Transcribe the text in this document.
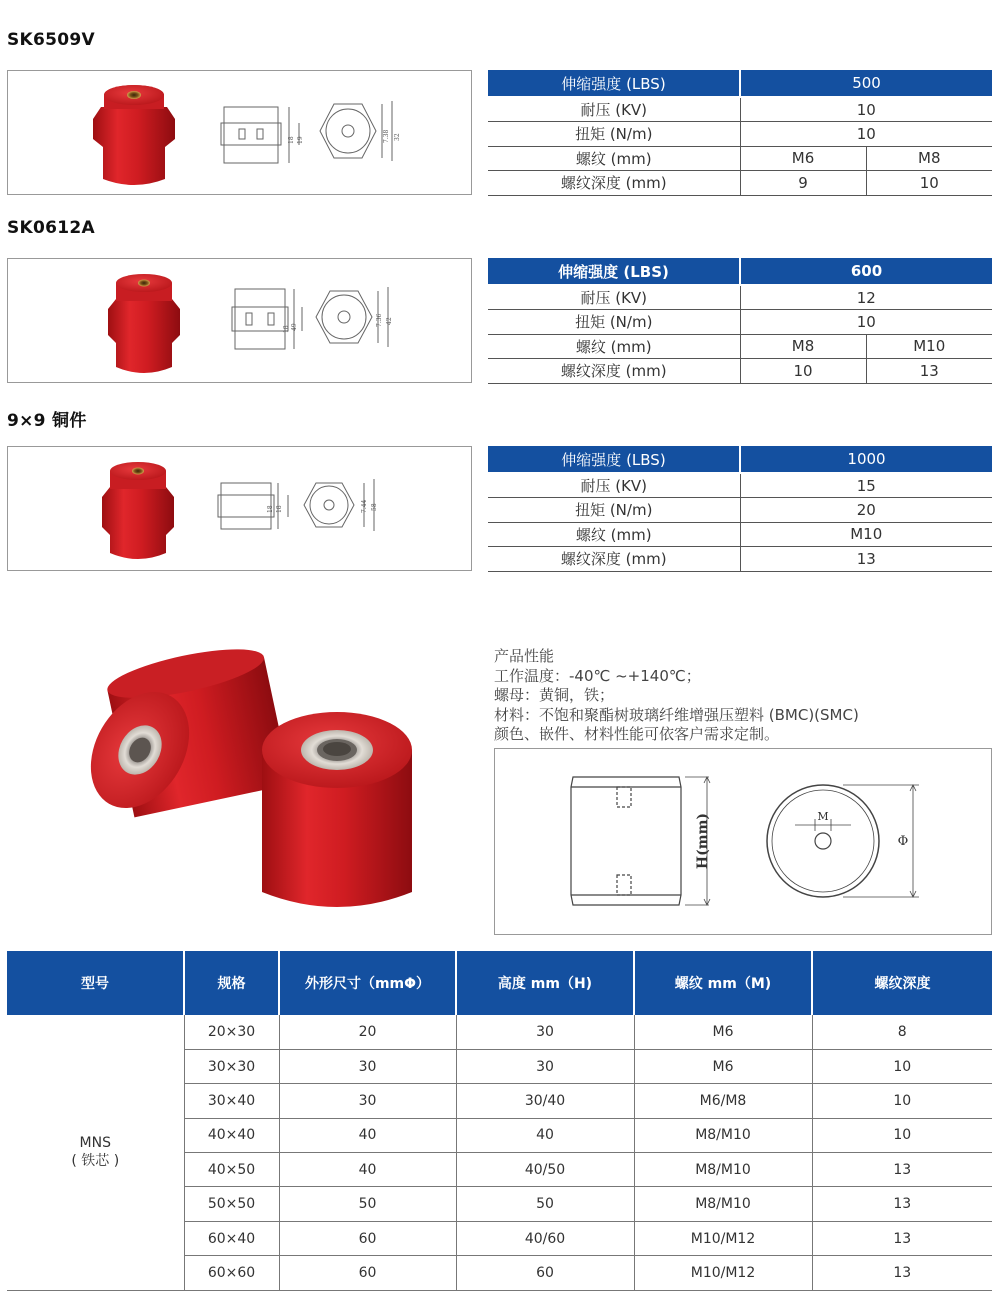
SK6509V
18 19	7.38 32
伸缩强度 (LBS)	500	
耐压 (KV)	10	
扭矩 (N/m)	10	
螺纹 (mm)	M6	M8
螺纹深度 (mm)	9	10
SK0612A
18 49
7.36 42
伸缩强度 (LBS)	600	
耐压 (KV)	12	
扭矩 (N/m)	10	
螺纹 (mm)	M8	M10
螺纹深度 (mm)	10	13
9×9 铜件
18 18	7.44 58
伸缩强度 (LBS)	1000
耐压 (KV)	15
扭矩 (N/m)	20
螺纹 (mm)	M10
螺纹深度 (mm)	13
产品性能
工作温度：-40℃ ~+140℃；
螺母：黄铜，铁；
材料：不饱和聚酯树玻璃纤维增强压塑料 (BMC)(SMC)
颜色、嵌件、材料性能可依客户需求定制。
H(mm)	M
Φ
型号	规格	外形尺寸（mmΦ）	高度 mm（H)	螺纹 mm（M)	螺纹深度

MNS
( 铁芯 )	20×30	20	30	M6	8
	30×30	30	30	M6	10
	30×40	30	30/40	M6/M8	10
	40×40	40	40	M8/M10	10
	40×50	40	40/50	M8/M10	13
	50×50	50	50	M8/M10	13
	60×40	60	40/60	M10/M12	13
	60×60	60	60	M10/M12	13
